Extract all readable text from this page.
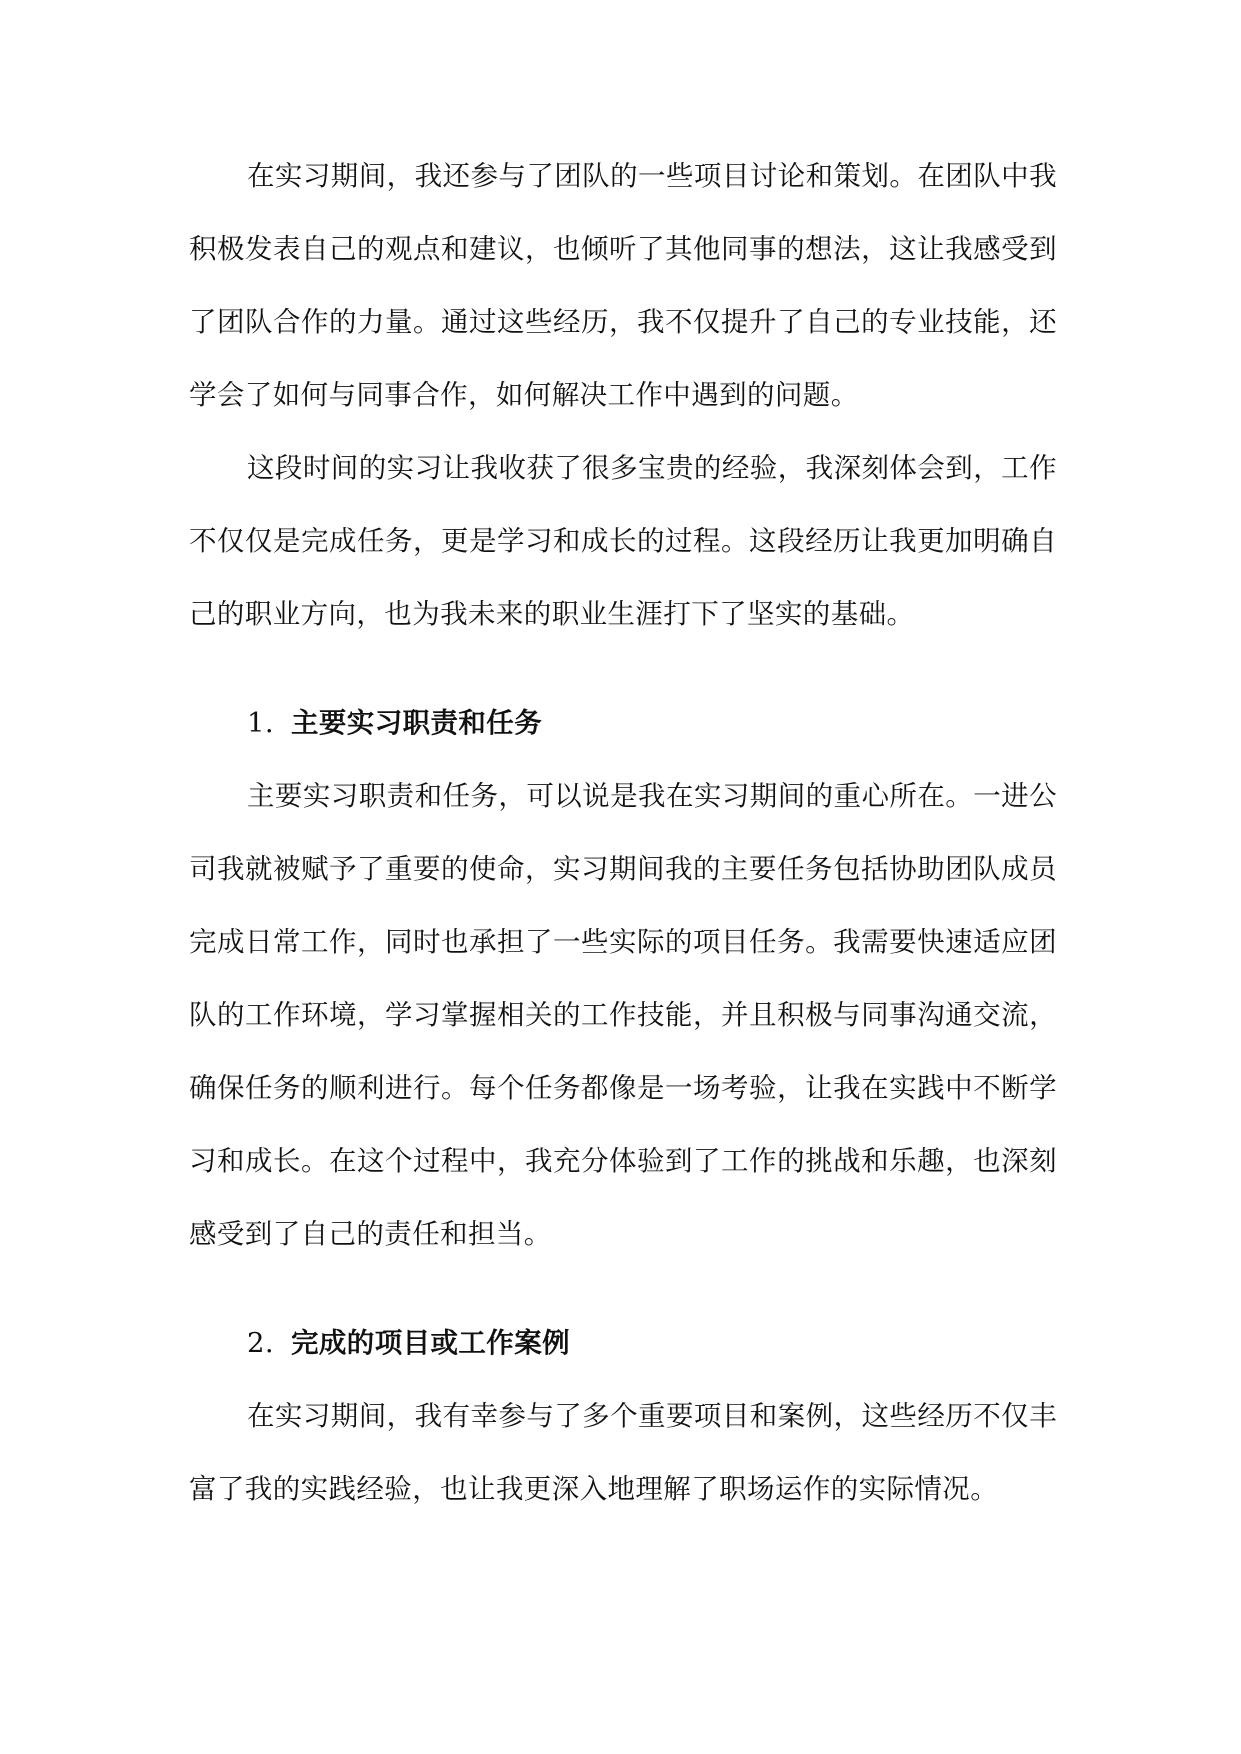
在实习期间，我还参与了团队的一些项目讨论和策划。在团队中我积极发表自己的观点和建议，也倾听了其他同事的想法，这让我感受到了团队合作的力量。通过这些经历，我不仅提升了自己的专业技能，还学会了如何与同事合作，如何解决工作中遇到的问题。

这段时间的实习让我收获了很多宝贵的经验，我深刻体会到，工作不仅仅是完成任务，更是学习和成长的过程。这段经历让我更加明确自己的职业方向，也为我未来的职业生涯打下了坚实的基础。

1. 主要实习职责和任务

主要实习职责和任务，可以说是我在实习期间的重心所在。一进公司我就被赋予了重要的使命，实习期间我的主要任务包括协助团队成员完成日常工作，同时也承担了一些实际的项目任务。我需要快速适应团队的工作环境，学习掌握相关的工作技能，并且积极与同事沟通交流，确保任务的顺利进行。每个任务都像是一场考验，让我在实践中不断学习和成长。在这个过程中，我充分体验到了工作的挑战和乐趣，也深刻感受到了自己的责任和担当。

2. 完成的项目或工作案例

在实习期间，我有幸参与了多个重要项目和案例，这些经历不仅丰富了我的实践经验，也让我更深入地理解了职场运作的实际情况。
